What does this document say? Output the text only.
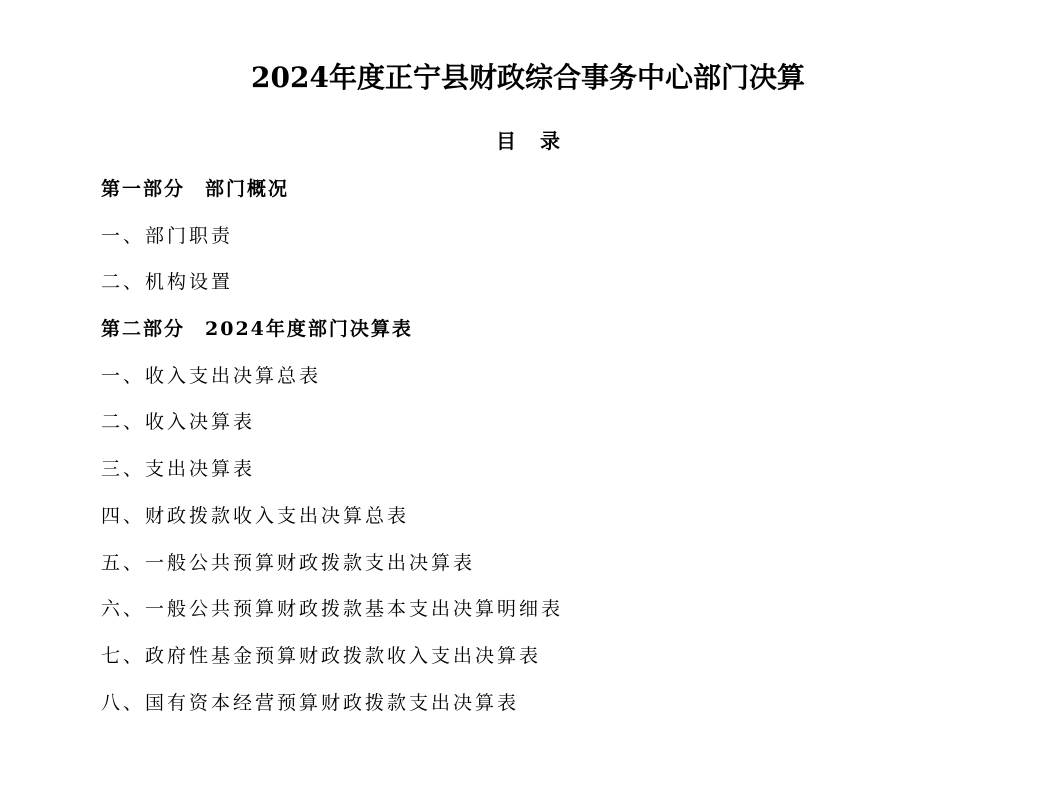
2024年度正宁县财政综合事务中心部门决算
目 录
第一部分 部门概况
一、部门职责
二、机构设置
第二部分 2024年度部门决算表
一、收入支出决算总表
二、收入决算表
三、支出决算表
四、财政拨款收入支出决算总表
五、一般公共预算财政拨款支出决算表
六、一般公共预算财政拨款基本支出决算明细表
七、政府性基金预算财政拨款收入支出决算表
八、国有资本经营预算财政拨款支出决算表
